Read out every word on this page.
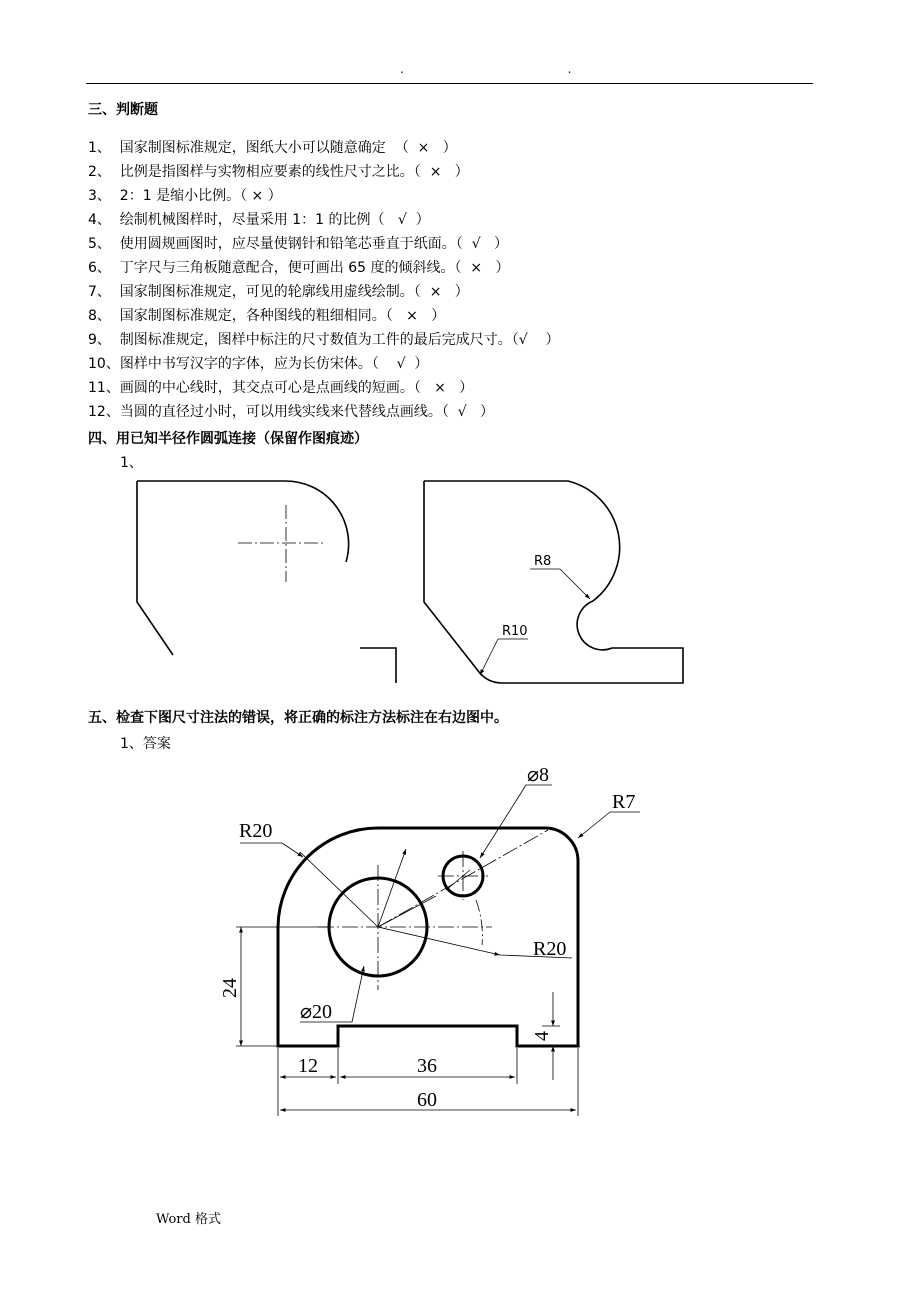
. .
三、判断题
1、  国家制图标准规定，图纸大小可以随意确定  （  ×   ）
2、  比例是指图样与实物相应要素的线性尺寸之比。（  ×   ）
3、  2：1 是缩小比例。（ × ）
4、  绘制机械图样时，尽量采用 1：1 的比例（   √  ）
5、  使用圆规画图时，应尽量使钢针和铅笔芯垂直于纸面。（  √   ）
6、  丁字尺与三角板随意配合，便可画出 65 度的倾斜线。（  ×   ）
7、  国家制图标准规定，可见的轮廓线用虚线绘制。（  ×   ）
8、  国家制图标准规定，各种图线的粗细相同。（   ×   ）
9、  制图标准规定，图样中标注的尺寸数值为工件的最后完成尺寸。（√    ）
10、图样中书写汉字的字体，应为长仿宋体。（    √  ）
11、画圆的中心线时，其交点可心是点画线的短画。（   ×   ）
12、当圆的直径过小时，可以用线实线来代替线点画线。（  √   ）
四、用已知半径作圆弧连接（保留作图痕迹）
1、
五、检查下图尺寸注法的错误，将正确的标注方法标注在右边图中。
1、答案
R8
R10
⌀8
R7
R20
R20
⌀20
24
4
12	36
60
Word 格式
